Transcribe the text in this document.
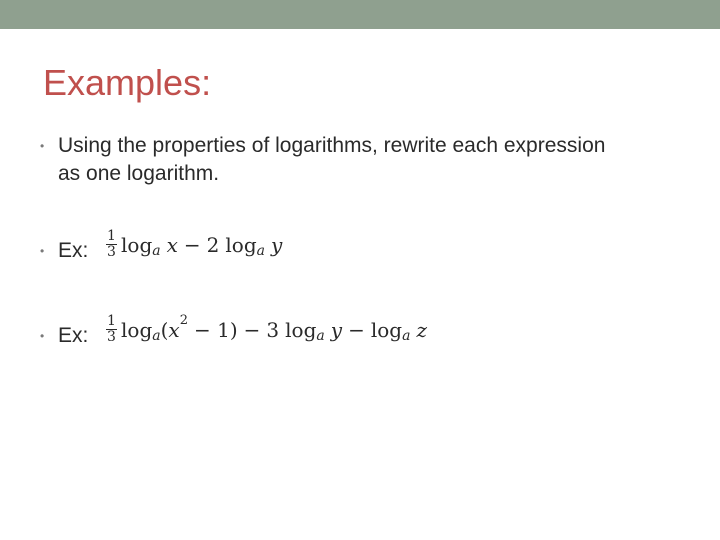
Examples:
• Using the properties of logarithms, rewrite each expression as one logarithm.
• Ex: $\frac{1}{3}$ log a x − 2 log a y
• Ex: $\frac{1}{3}$ log a ( x 2 − 1) − 3 log a y − log a z
